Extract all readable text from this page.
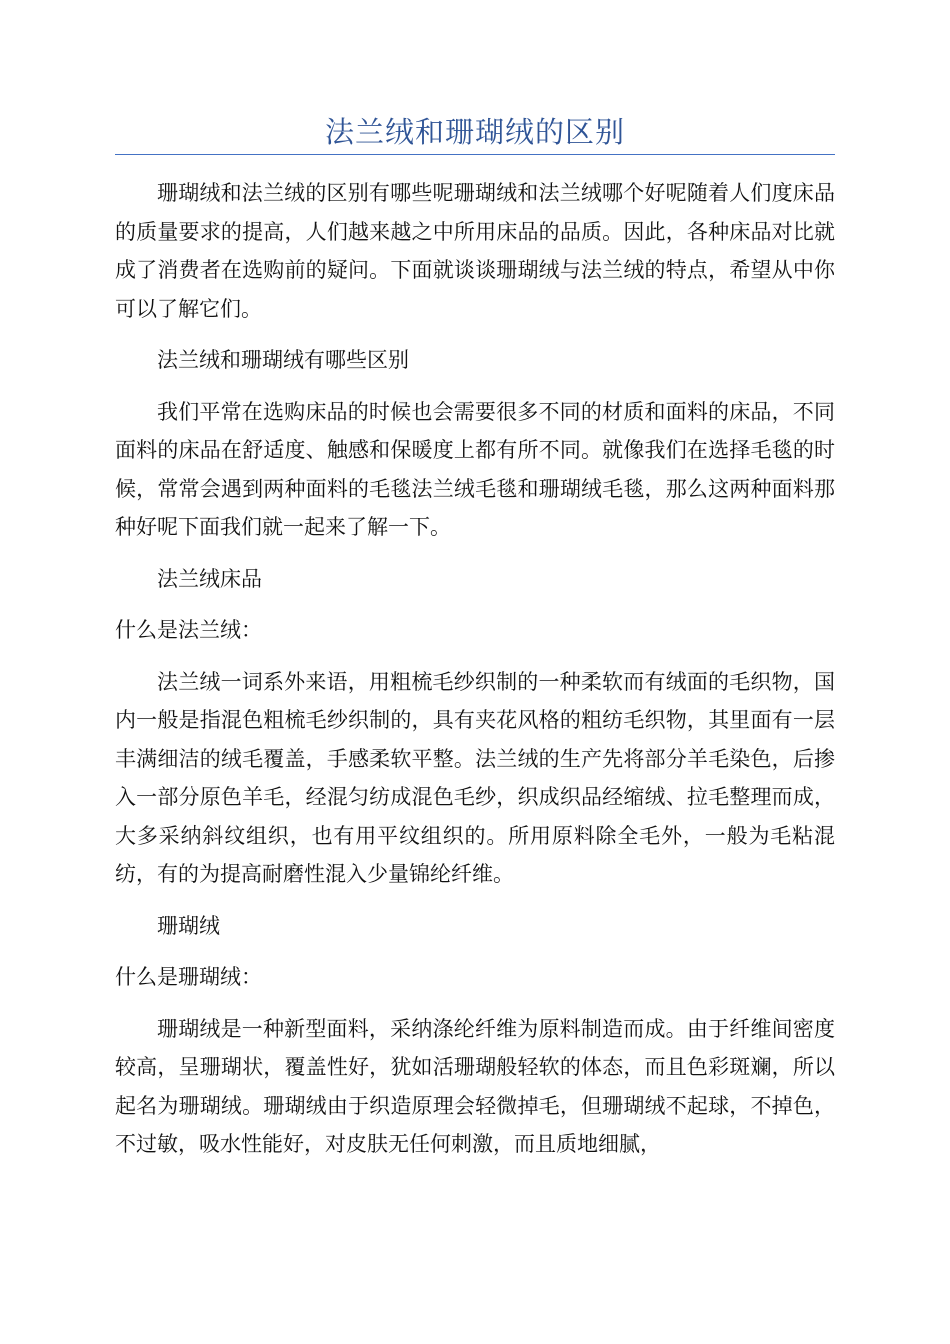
法兰绒和珊瑚绒的区别

珊瑚绒和法兰绒的区别有哪些呢珊瑚绒和法兰绒哪个好呢随着人们度床品的质量要求的提高，人们越来越之中所用床品的品质。因此，各种床品对比就成了消费者在选购前的疑问。下面就谈谈珊瑚绒与法兰绒的特点，希望从中你可以了解它们。

法兰绒和珊瑚绒有哪些区别

我们平常在选购床品的时候也会需要很多不同的材质和面料的床品，不同面料的床品在舒适度、触感和保暖度上都有所不同。就像我们在选择毛毯的时候，常常会遇到两种面料的毛毯法兰绒毛毯和珊瑚绒毛毯，那么这两种面料那种好呢下面我们就一起来了解一下。

法兰绒床品

什么是法兰绒：

法兰绒一词系外来语，用粗梳毛纱织制的一种柔软而有绒面的毛织物，国内一般是指混色粗梳毛纱织制的，具有夹花风格的粗纺毛织物，其里面有一层丰满细洁的绒毛覆盖，手感柔软平整。法兰绒的生产先将部分羊毛染色，后掺入一部分原色羊毛，经混匀纺成混色毛纱，织成织品经缩绒、拉毛整理而成，大多采纳斜纹组织，也有用平纹组织的。所用原料除全毛外，一般为毛粘混纺，有的为提高耐磨性混入少量锦纶纤维。

珊瑚绒

什么是珊瑚绒：

珊瑚绒是一种新型面料，采纳涤纶纤维为原料制造而成。由于纤维间密度较高，呈珊瑚状，覆盖性好，犹如活珊瑚般轻软的体态，而且色彩斑斓，所以起名为珊瑚绒。珊瑚绒由于织造原理会轻微掉毛，但珊瑚绒不起球，不掉色，不过敏，吸水性能好，对皮肤无任何刺激，而且质地细腻，
